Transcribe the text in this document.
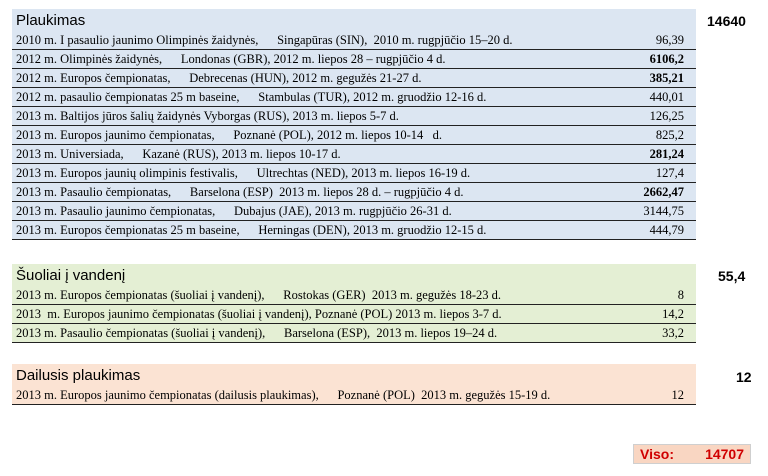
Plaukimas
2010 m. I pasaulio jaunimo Olimpinės žaidynės,      Singapūras (SIN),  2010 m. rugpjūčio 15–20 d.	96,39
2012 m. Olimpinės žaidynės,      Londonas (GBR), 2012 m. liepos 28 – rugpjūčio 4 d.	6106,2
2012 m. Europos čempionatas,      Debrecenas (HUN), 2012 m. gegužės 21-27 d.	385,21
2012 m. pasaulio čempionatas 25 m baseine,      Stambulas (TUR), 2012 m. gruodžio 12-16 d.	440,01
2013 m. Baltijos jūros šalių žaidynės Vyborgas (RUS), 2013 m. liepos 5-7 d.	126,25
2013 m. Europos jaunimo čempionatas,      Poznanė (POL), 2012 m. liepos 10-14   d.	825,2
2013 m. Universiada,      Kazanė (RUS), 2013 m. liepos 10-17 d.	281,24
2013 m. Europos jaunių olimpinis festivalis,      Ultrechtas (NED), 2013 m. liepos 16-19 d.	127,4
2013 m. Pasaulio čempionatas,      Barselona (ESP)  2013 m. liepos 28 d. – rugpjūčio 4 d.	2662,47
2013 m. Pasaulio jaunimo čempionatas,      Dubajus (JAE), 2013 m. rugpjūčio 26-31 d.	3144,75
2013 m. Europos čempionatas 25 m baseine,      Herningas (DEN), 2013 m. gruodžio 12-15 d.	444,79
14640
Šuoliai į vandenį
2013 m. Europos čempionatas (šuoliai į vandenį),      Rostokas (GER)  2013 m. gegužės 18-23 d.	8
2013  m. Europos jaunimo čempionatas (šuoliai į vandenį), Poznanė (POL) 2013 m. liepos 3-7 d.	14,2
2013 m. Pasaulio čempionatas (šuoliai į vandenį),      Barselona (ESP),  2013 m. liepos 19–24 d.	33,2
55,4
Dailusis plaukimas
2013 m. Europos jaunimo čempionatas (dailusis plaukimas),      Poznanė (POL)  2013 m. gegužės 15-19 d.	12
12
Viso: 14707
